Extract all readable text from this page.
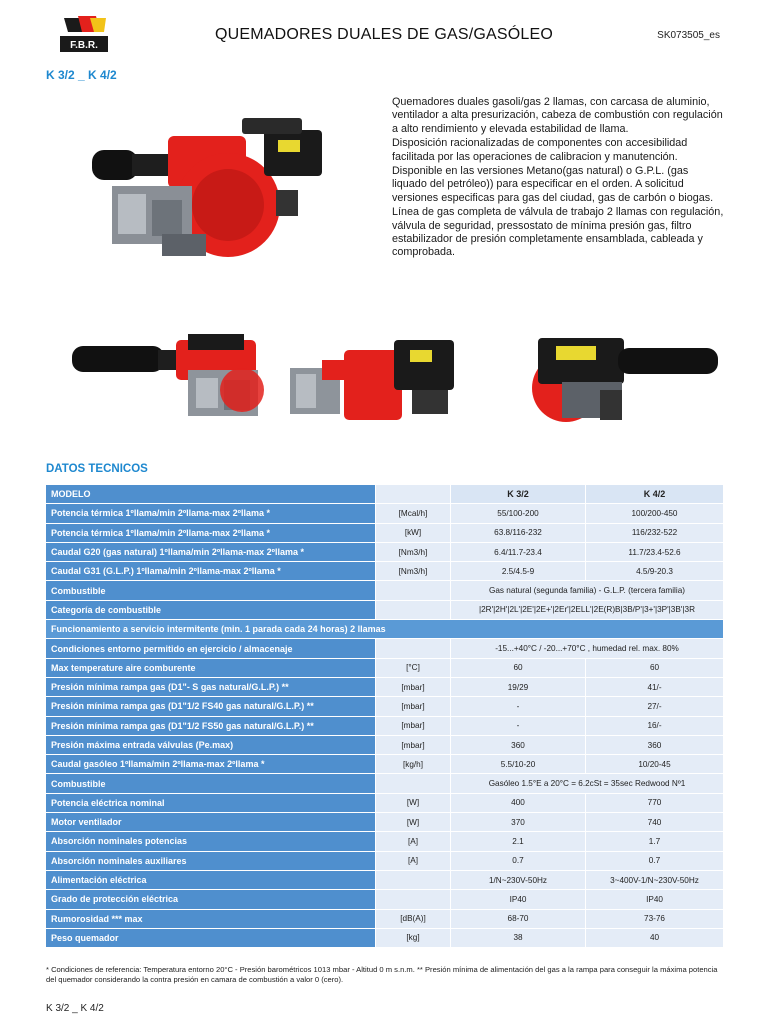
F.B.R.
QUEMADORES DUALES DE GAS/GASÓLEO	SK073505_es
K 3/2 _ K 4/2

Quemadores duales gasoli/gas 2 llamas, con carcasa de aluminio, ventilador a alta presurización, cabeza de combustión con regulación a alto rendimiento y elevada estabilidad de llama.

Disposición racionalizadas de componentes con accesibilidad facilitada por las operaciones de calibracion y manutención.

Disponible en las versiones Metano(gas natural) o G.P.L. (gas liquado del petróleo)) para especificar en el orden. A solicitud versiones especificas para gas del ciudad, gas de carbón o biogas.

Línea de gas completa de válvula de trabajo 2 llamas con regulación, válvula de seguridad, pressostato de mínima presión gas, filtro estabilizador de presión completamente ensamblada, cableada y comprobada.

DATOS TECNICOS
MODELO		K 3/2	K 4/2
Potencia térmica 1ºllama/min 2ºllama-max 2ºllama *	[Mcal/h]	55/100-200	100/200-450
Potencia térmica 1ºllama/min 2ºllama-max 2ºllama *	[kW]	63.8/116-232	116/232-522
Caudal G20 (gas natural) 1ºllama/min 2ºllama-max 2ºllama *	[Nm3/h]	6.4/11.7-23.4	11.7/23.4-52.6
Caudal G31 (G.L.P.) 1ºllama/min 2ºllama-max 2ºllama *	[Nm3/h]	2.5/4.5-9	4.5/9-20.3
Combustible		Gas natural (segunda familia) - G.L.P. (tercera familia)	
Categoría de combustible		|2R'|2H'|2L'|2E'|2E+'|2Er'|2ELL'|2E(R)B|3B/P'|3+'|3P'|3B'|3R	
Funcionamiento a servicio intermitente (min. 1 parada cada 24 horas) 2 llamas			
Condiciones entorno permitido en ejercicio / almacenaje		-15...+40°C / -20...+70°C , humedad rel. max. 80%	
Max temperature aire comburente	[°C]	60	60
Presión mínima rampa gas (D1"- S gas natural/G.L.P.) **	[mbar]	19/29	41/-
Presión mínima rampa gas (D1"1/2 FS40 gas natural/G.L.P.) **	[mbar]	-	27/-
Presión mínima rampa gas (D1"1/2 FS50 gas natural/G.L.P.) **	[mbar]	-	16/-
Presión máxima entrada válvulas (Pe.max)	[mbar]	360	360
Caudal gasóleo 1ºllama/min 2ºllama-max 2ºllama *	[kg/h]	5.5/10-20	10/20-45
Combustible		Gasóleo 1.5°E a 20°C = 6.2cSt = 35sec Redwood Nº1	
Potencia eléctrica nominal	[W]	400	770
Motor ventilador	[W]	370	740
Absorción nominales potencias	[A]	2.1	1.7
Absorción nominales auxiliares	[A]	0.7	0.7
Alimentación eléctrica		1/N~230V-50Hz	3~400V-1/N~230V-50Hz
Grado de protección eléctrica		IP40	IP40
Rumorosidad *** max	[dB(A)]	68-70	73-76
Peso quemador	[kg]	38	40
* Condiciones de referencia: Temperatura entorno 20°C - Presión barométricos 1013 mbar - Altitud 0 m s.n.m. ** Presión mínima de alimentación del gas a la rampa para conseguir la máxima potencia del quemador considerando la contra presión en camara de combustión a valor 0 (cero).
K 3/2 _ K 4/2
